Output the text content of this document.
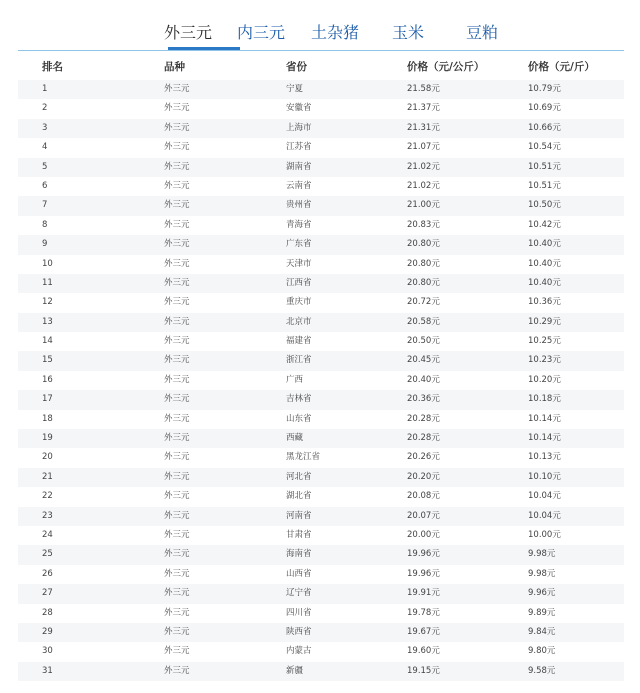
外三元 内三元 土杂猪 玉米	豆粕
排名	品种	省份	价格（元/公斤）	价格（元/斤）
1	外三元	宁夏	21.58元	10.79元
2	外三元	安徽省	21.37元	10.69元
3	外三元	上海市	21.31元	10.66元
4	外三元	江苏省	21.07元	10.54元
5	外三元	湖南省	21.02元	10.51元
6	外三元	云南省	21.02元	10.51元
7	外三元	贵州省	21.00元	10.50元
8	外三元	青海省	20.83元	10.42元
9	外三元	广东省	20.80元	10.40元
10	外三元	天津市	20.80元	10.40元
11	外三元	江西省	20.80元	10.40元
12	外三元	重庆市	20.72元	10.36元
13	外三元	北京市	20.58元	10.29元
14	外三元	福建省	20.50元	10.25元
15	外三元	浙江省	20.45元	10.23元
16	外三元	广西	20.40元	10.20元
17	外三元	吉林省	20.36元	10.18元
18	外三元	山东省	20.28元	10.14元
19	外三元	西藏	20.28元	10.14元
20	外三元	黑龙江省	20.26元	10.13元
21	外三元	河北省	20.20元	10.10元
22	外三元	湖北省	20.08元	10.04元
23	外三元	河南省	20.07元	10.04元
24	外三元	甘肃省	20.00元	10.00元
25	外三元	海南省	19.96元	9.98元
26	外三元	山西省	19.96元	9.98元
27	外三元	辽宁省	19.91元	9.96元
28	外三元	四川省	19.78元	9.89元
29	外三元	陕西省	19.67元	9.84元
30	外三元	内蒙古	19.60元	9.80元
31	外三元	新疆	19.15元	9.58元
